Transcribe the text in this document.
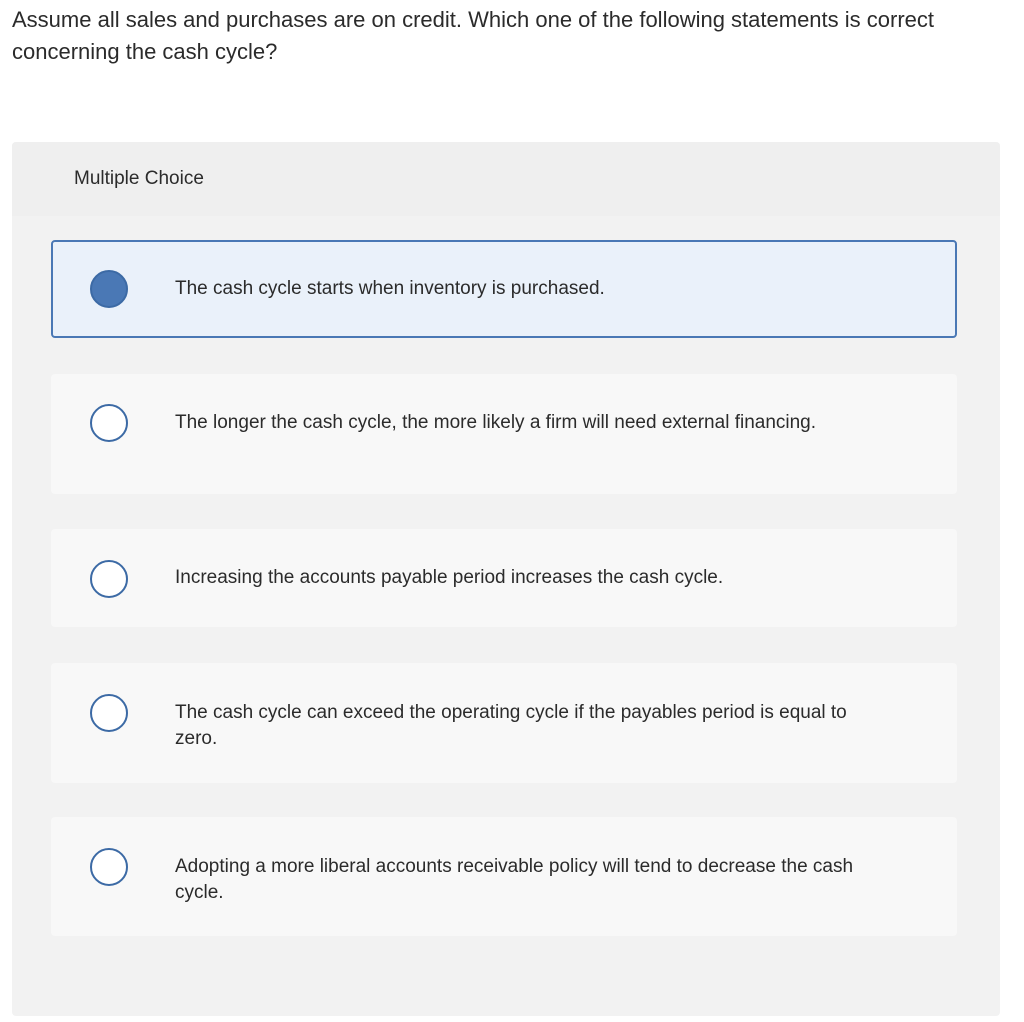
Assume all sales and purchases are on credit. Which one of the following statements is correct concerning the cash cycle?

Multiple Choice
The cash cycle starts when inventory is purchased.
The longer the cash cycle, the more likely a firm will need external financing.
Increasing the accounts payable period increases the cash cycle.
The cash cycle can exceed the operating cycle if the payables period is equal to zero.
Adopting a more liberal accounts receivable policy will tend to decrease the cash cycle.
